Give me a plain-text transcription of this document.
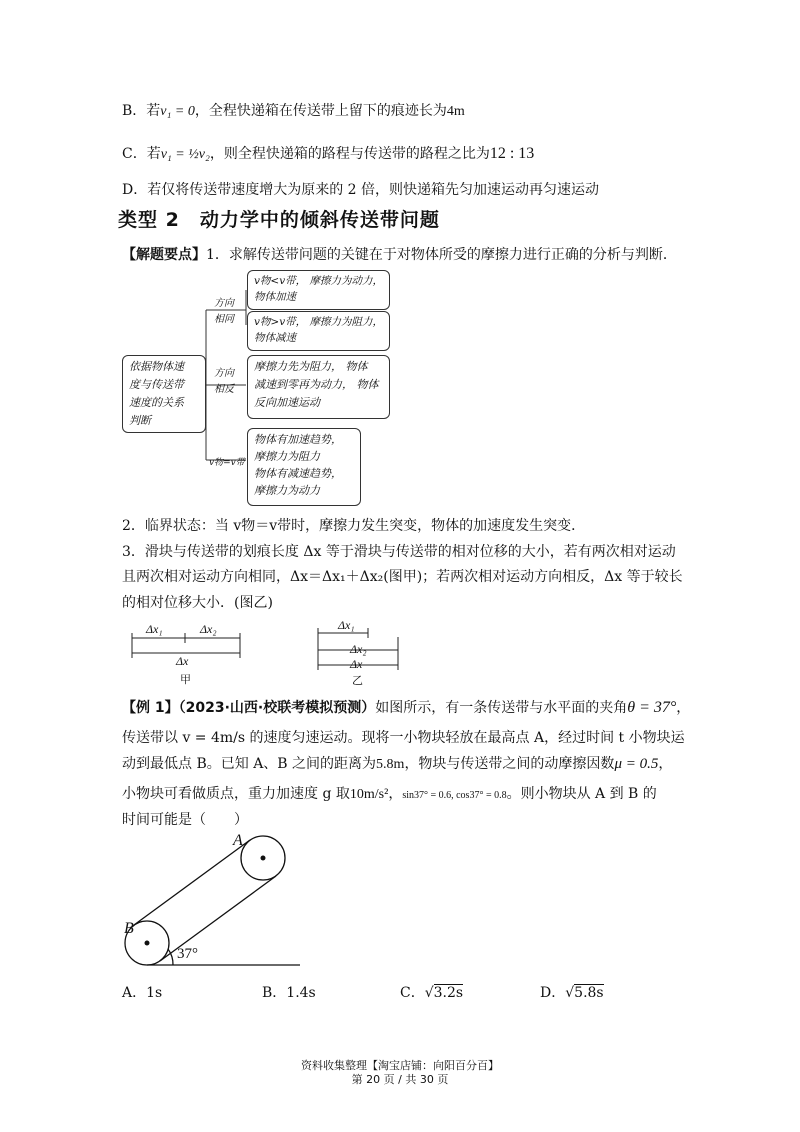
B．若v₁ = 0，全程快递箱在传送带上留下的痕迹长为4m
C．若v₁ = ½v₂，则全程快递箱的路程与传送带的路程之比为12 : 13
D．若仅将传送带速度增大为原来的 2 倍，则快递箱先匀加速运动再匀速运动
类型 2　动力学中的倾斜传送带问题
【解题要点】1．求解传送带问题的关键在于对物体所受的摩擦力进行正确的分析与判断．
依据物体速
度与传送带
速度的关系
判断
方向
相同
方向
相反
v物=v带
v物<v带， 摩擦力为动力，
物体加速
v物>v带， 摩擦力为阻力，
物体减速
摩擦力先为阻力， 物体
减速到零再为动力， 物体
反向加速运动
物体有加速趋势，
摩擦力为阻力
物体有减速趋势，
摩擦力为动力
2．临界状态：当 v物＝v带时，摩擦力发生突变，物体的加速度发生突变．
3．滑块与传送带的划痕长度 Δx 等于滑块与传送带的相对位移的大小，若有两次相对运动
且两次相对运动方向相同，Δx＝Δx₁＋Δx₂(图甲)；若两次相对运动方向相反，Δx 等于较长
的相对位移大小．(图乙)
Δx₁	Δx₂
Δx
甲
Δx₁
Δx₂
Δx
乙
【例 1】（2023·山西·校联考模拟预测）如图所示，有一条传送带与水平面的夹角θ = 37°，
传送带以 v = 4m/s 的速度匀速运动。现将一小物块轻放在最高点 A，经过时间 t 小物块运
动到最低点 B。已知 A、B 之间的距离为5.8m，物块与传送带之间的动摩擦因数μ = 0.5，
小物块可看做质点，重力加速度 g 取10m/s²，sin37° = 0.6, cos37° = 0.8。则小物块从 A 到 B 的
时间可能是（　　）
A
B
37°
A．1s	B．1.4s	C．√3.2s	D．√5.8s
资料收集整理【淘宝店铺：向阳百分百】
第 20 页 / 共 30 页
